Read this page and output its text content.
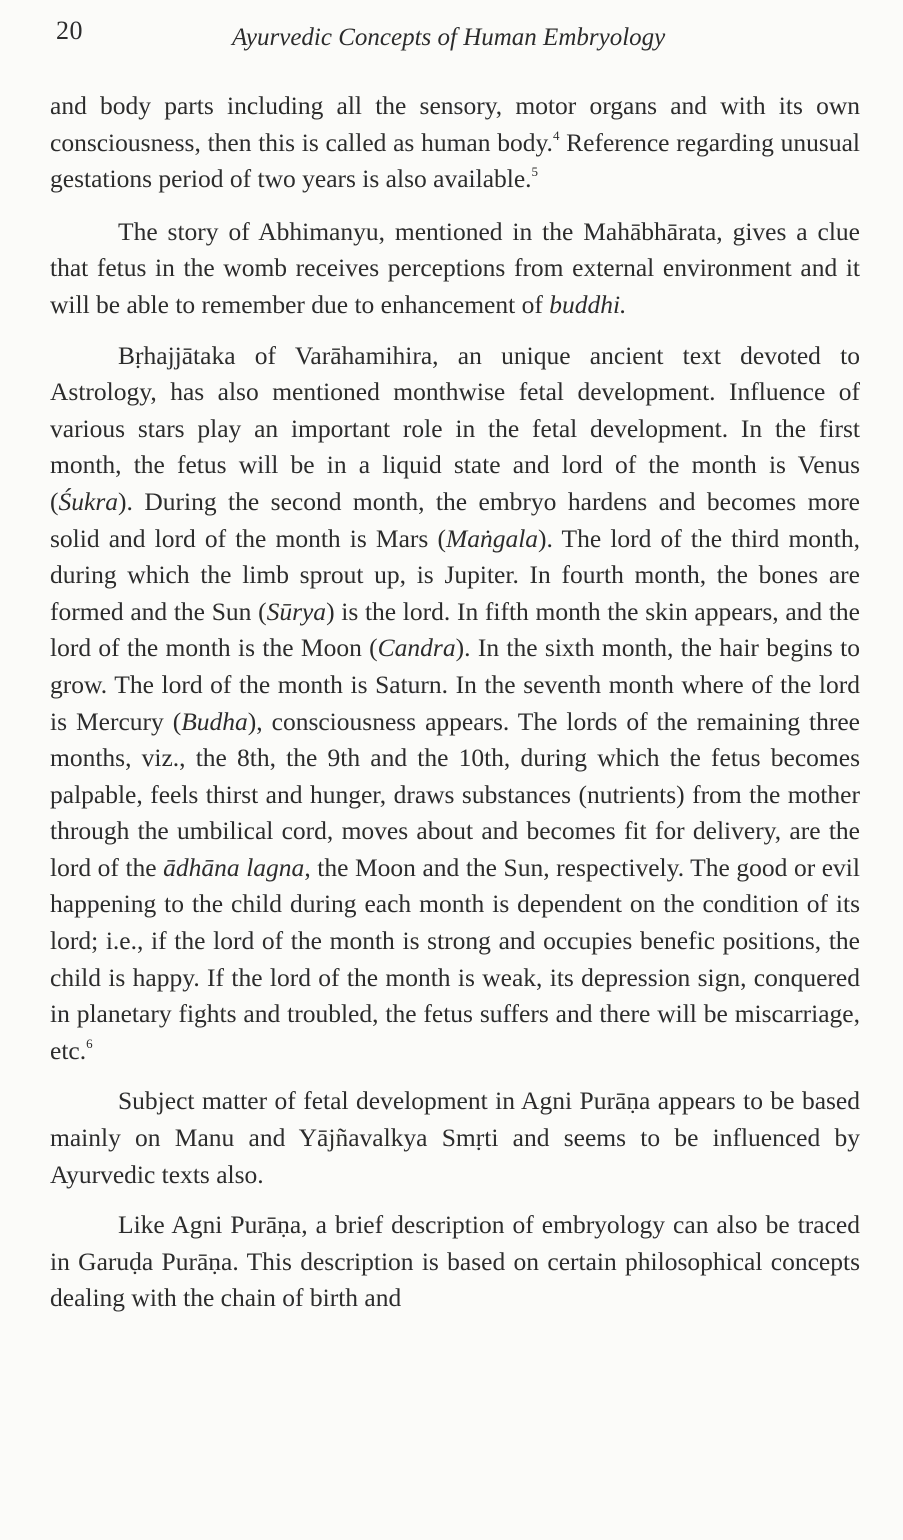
20	Ayurvedic Concepts of Human Embryology

and body parts including all the sensory, motor organs and with its own consciousness, then this is called as human body.$^4$ Reference regarding unusual gestations period of two years is also available.$^5$

The story of Abhimanyu, mentioned in the Mahābhārata, gives a clue that fetus in the womb receives perceptions from external environment and it will be able to remember due to enhancement of buddhi.

Bṛhajjātaka of Varāhamihira, an unique ancient text devoted to Astrology, has also mentioned monthwise fetal development. Influence of various stars play an important role in the fetal development. In the first month, the fetus will be in a liquid state and lord of the month is Venus (Śukra). During the second month, the embryo hardens and becomes more solid and lord of the month is Mars (Maṅgala). The lord of the third month, during which the limb sprout up, is Jupiter. In fourth month, the bones are formed and the Sun (Sūrya) is the lord. In fifth month the skin appears, and the lord of the month is the Moon (Candra). In the sixth month, the hair begins to grow. The lord of the month is Saturn. In the seventh month where of the lord is Mercury (Budha), consciousness appears. The lords of the remaining three months, viz., the 8th, the 9th and the 10th, during which the fetus becomes palpable, feels thirst and hunger, draws substances (nutrients) from the mother through the umbilical cord, moves about and becomes fit for delivery, are the lord of the ādhāna lagna, the Moon and the Sun, respectively. The good or evil happening to the child during each month is dependent on the condition of its lord; i.e., if the lord of the month is strong and occupies benefic positions, the child is happy. If the lord of the month is weak, its depression sign, conquered in planetary fights and troubled, the fetus suffers and there will be miscarriage, etc.$^6$

Subject matter of fetal development in Agni Purāṇa appears to be based mainly on Manu and Yājñavalkya Smṛti and seems to be influenced by Ayurvedic texts also.

Like Agni Purāṇa, a brief description of embryology can also be traced in Garuḍa Purāṇa. This description is based on certain philosophical concepts dealing with the chain of birth and
